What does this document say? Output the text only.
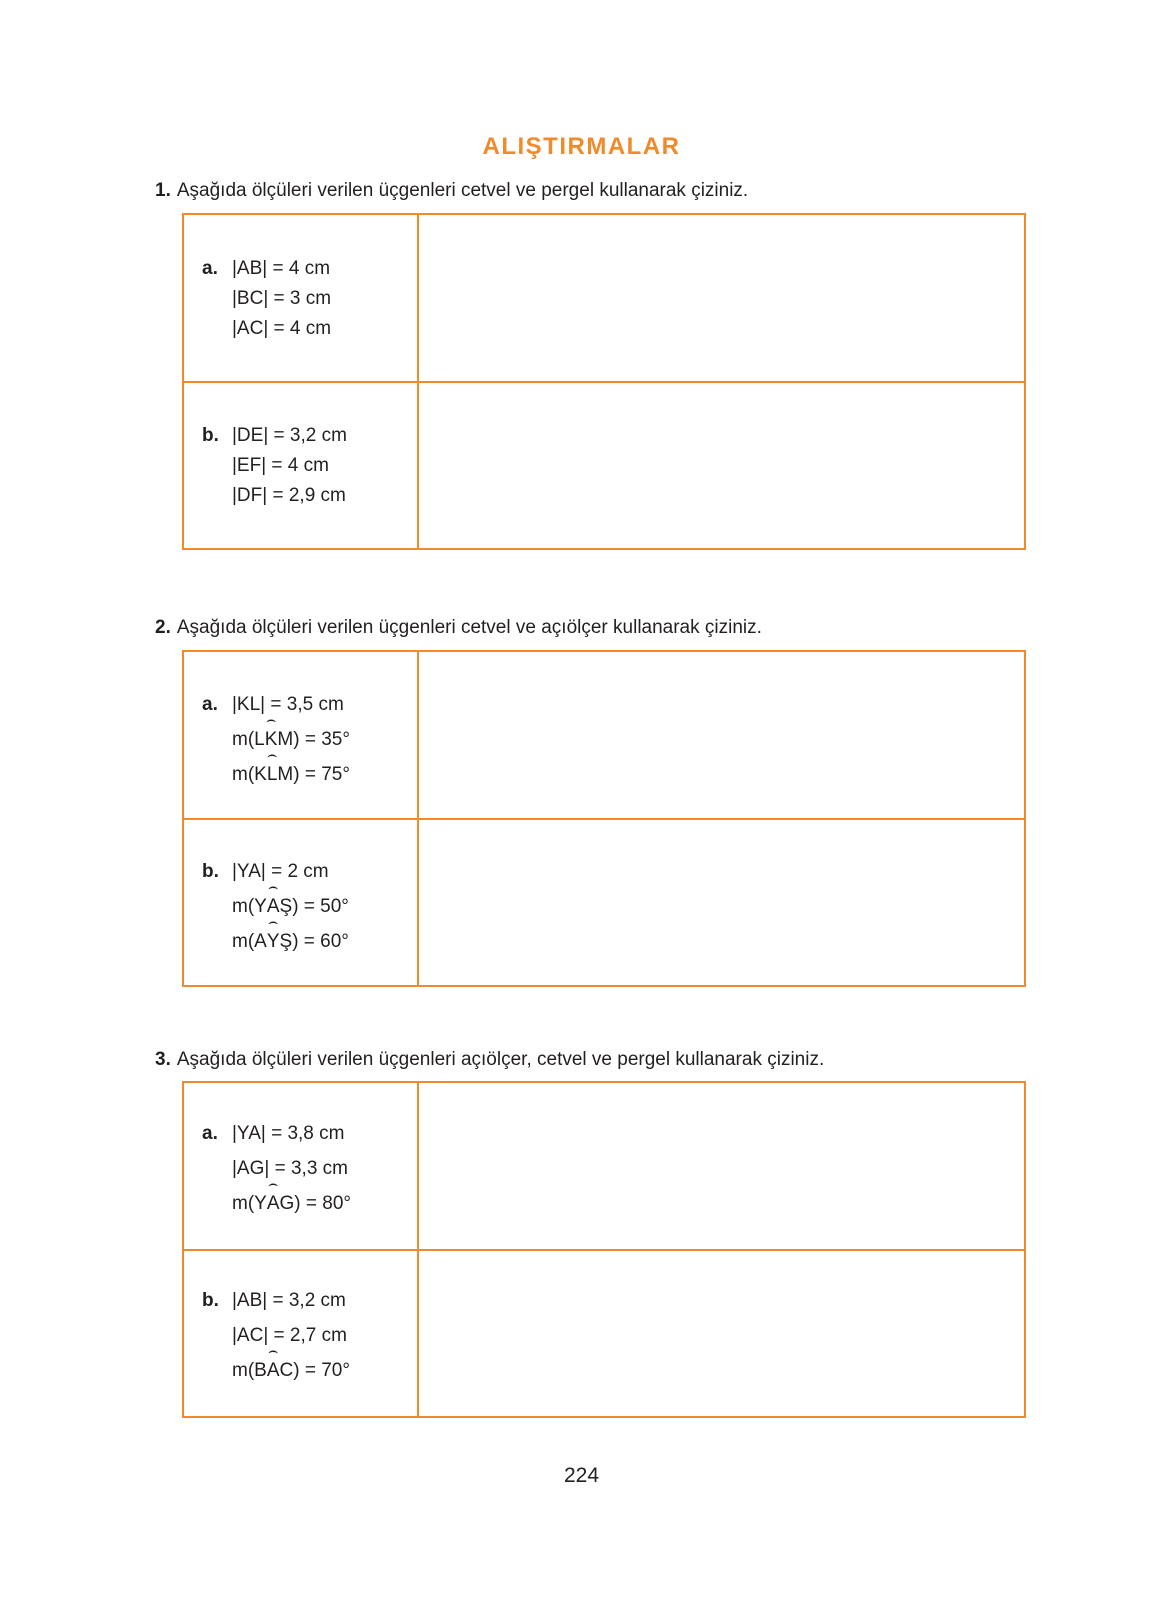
ALIŞTIRMALAR
1. Aşağıda ölçüleri verilen üçgenleri cetvel ve pergel kullanarak çiziniz.
a. |AB| = 4 cm
|BC| = 3 cm
|AC| = 4 cm
b. |DE| = 3,2 cm
|EF| = 4 cm
|DF| = 2,9 cm
2. Aşağıda ölçüleri verilen üçgenleri cetvel ve açıölçer kullanarak çiziniz.
a. |KL| = 3,5 cm
m(LK
⌢
M) = 35°
m(KL
⌢
M) = 75°
b. |YA| = 2 cm
m(YA
⌢
Ş) = 50°
m(AY
⌢
Ş) = 60°
3. Aşağıda ölçüleri verilen üçgenleri açıölçer, cetvel ve pergel kullanarak çiziniz.
a. |YA| = 3,8 cm
|AG| = 3,3 cm
m(YA
⌢
G) = 80°
b. |AB| = 3,2 cm
|AC| = 2,7 cm
m(BA
⌢
C) = 70°
224
